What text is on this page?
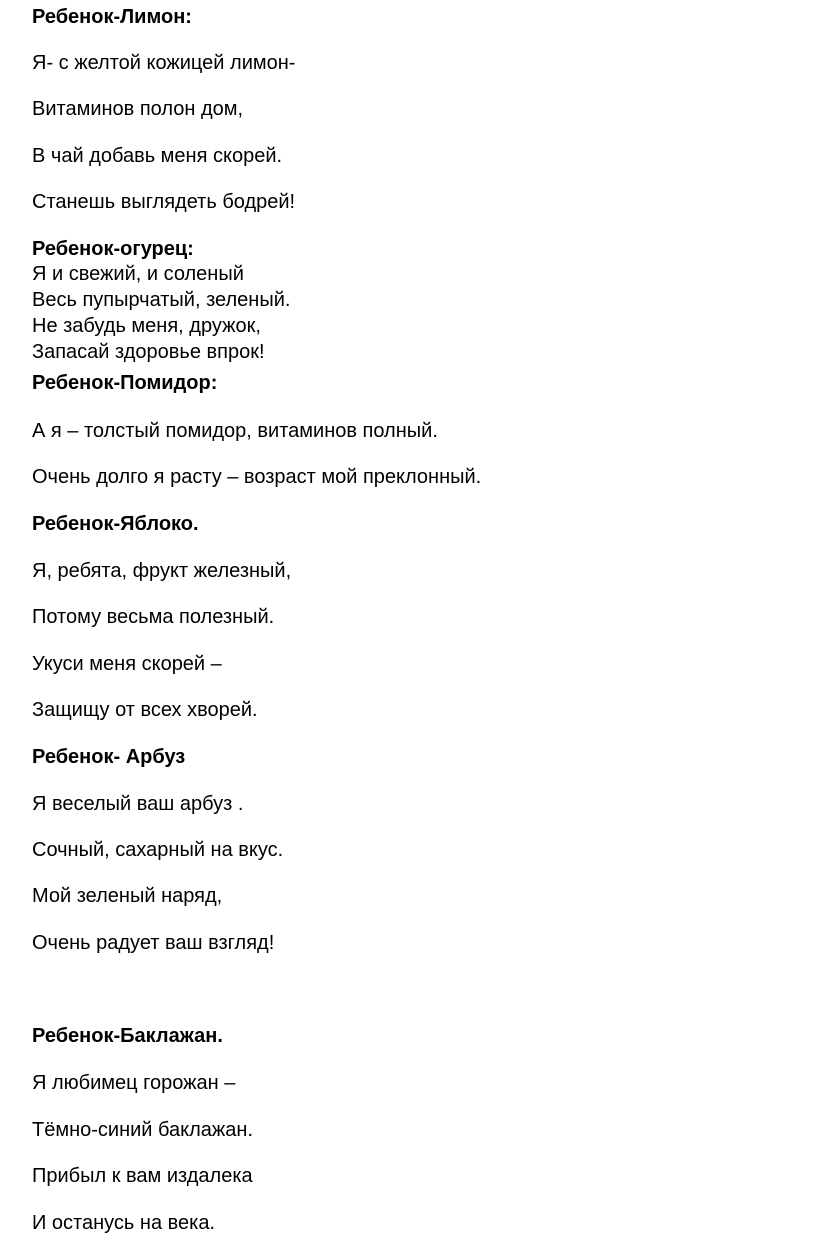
Ребенок-Лимон:
Я- с желтой кожицей лимон-
Витаминов полон дом,
В чай добавь меня скорей.
Станешь выглядеть бодрей!
Ребенок-огурец:
Я и свежий, и соленый
Весь пупырчатый, зеленый.
Не забудь меня, дружок,
Запасай здоровье впрок!
Ребенок-Помидор:
А я – толстый помидор, витаминов полный.
Очень долго я расту – возраст мой преклонный.
Ребенок-Яблоко.
Я, ребята, фрукт железный,
Потому весьма полезный.
Укуси меня скорей –
Защищу от всех хворей.
Ребенок- Арбуз
Я веселый ваш арбуз .
Сочный, сахарный на вкус.
Мой зеленый наряд,
Очень радует ваш взгляд!
Ребенок-Баклажан.
Я любимец горожан –
Тёмно-синий баклажан.
Прибыл к вам издалека
И останусь на века.
